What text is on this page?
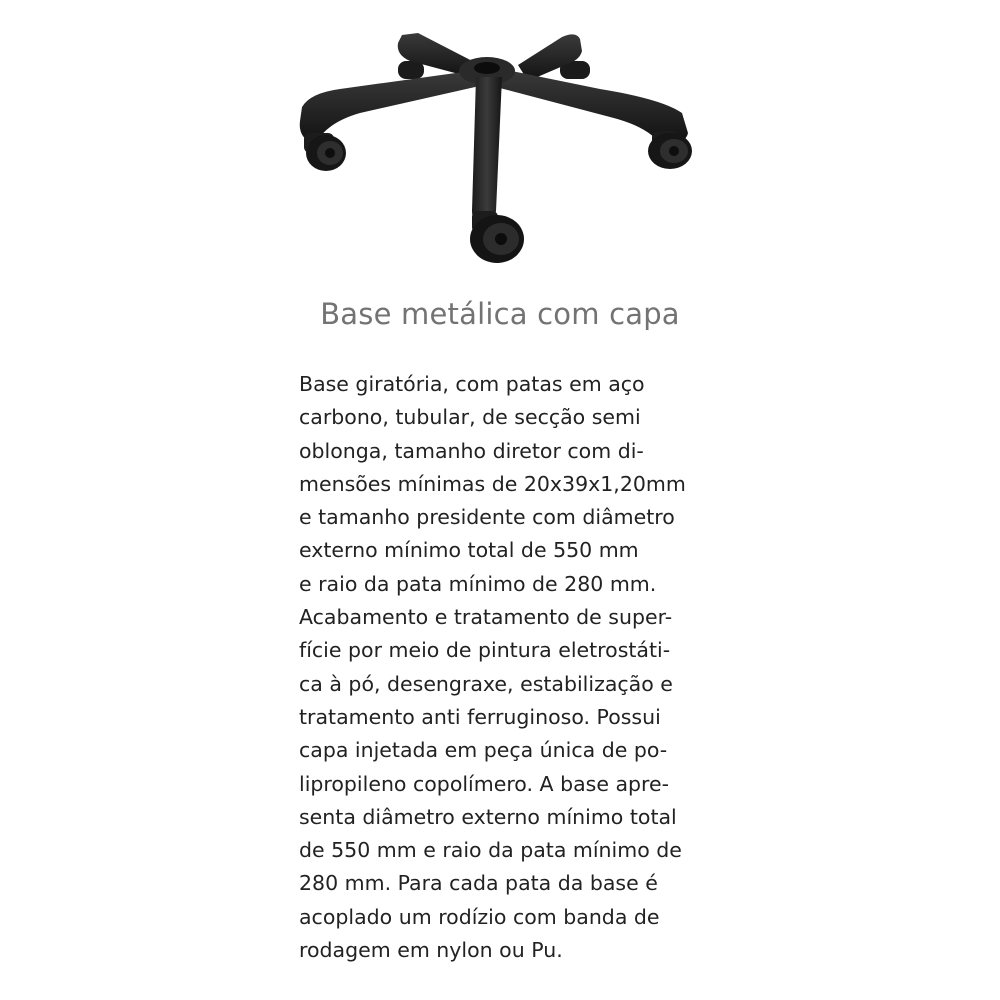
Base metálica com capa

Base giratória, com patas em aço
carbono, tubular, de secção semi
oblonga, tamanho diretor com di-
mensões mínimas de 20x39x1,20mm
e tamanho presidente com diâmetro
externo mínimo total de 550 mm
e raio da pata mínimo de 280 mm.
Acabamento e tratamento de super-
fície por meio de pintura eletrostáti-
ca à pó, desengraxe, estabilização e
tratamento anti ferruginoso. Possui
capa injetada em peça única de po-
lipropileno copolímero. A base apre-
senta diâmetro externo mínimo total
de 550 mm e raio da pata mínimo de
280 mm. Para cada pata da base é
acoplado um rodízio com banda de
rodagem em nylon ou Pu.
